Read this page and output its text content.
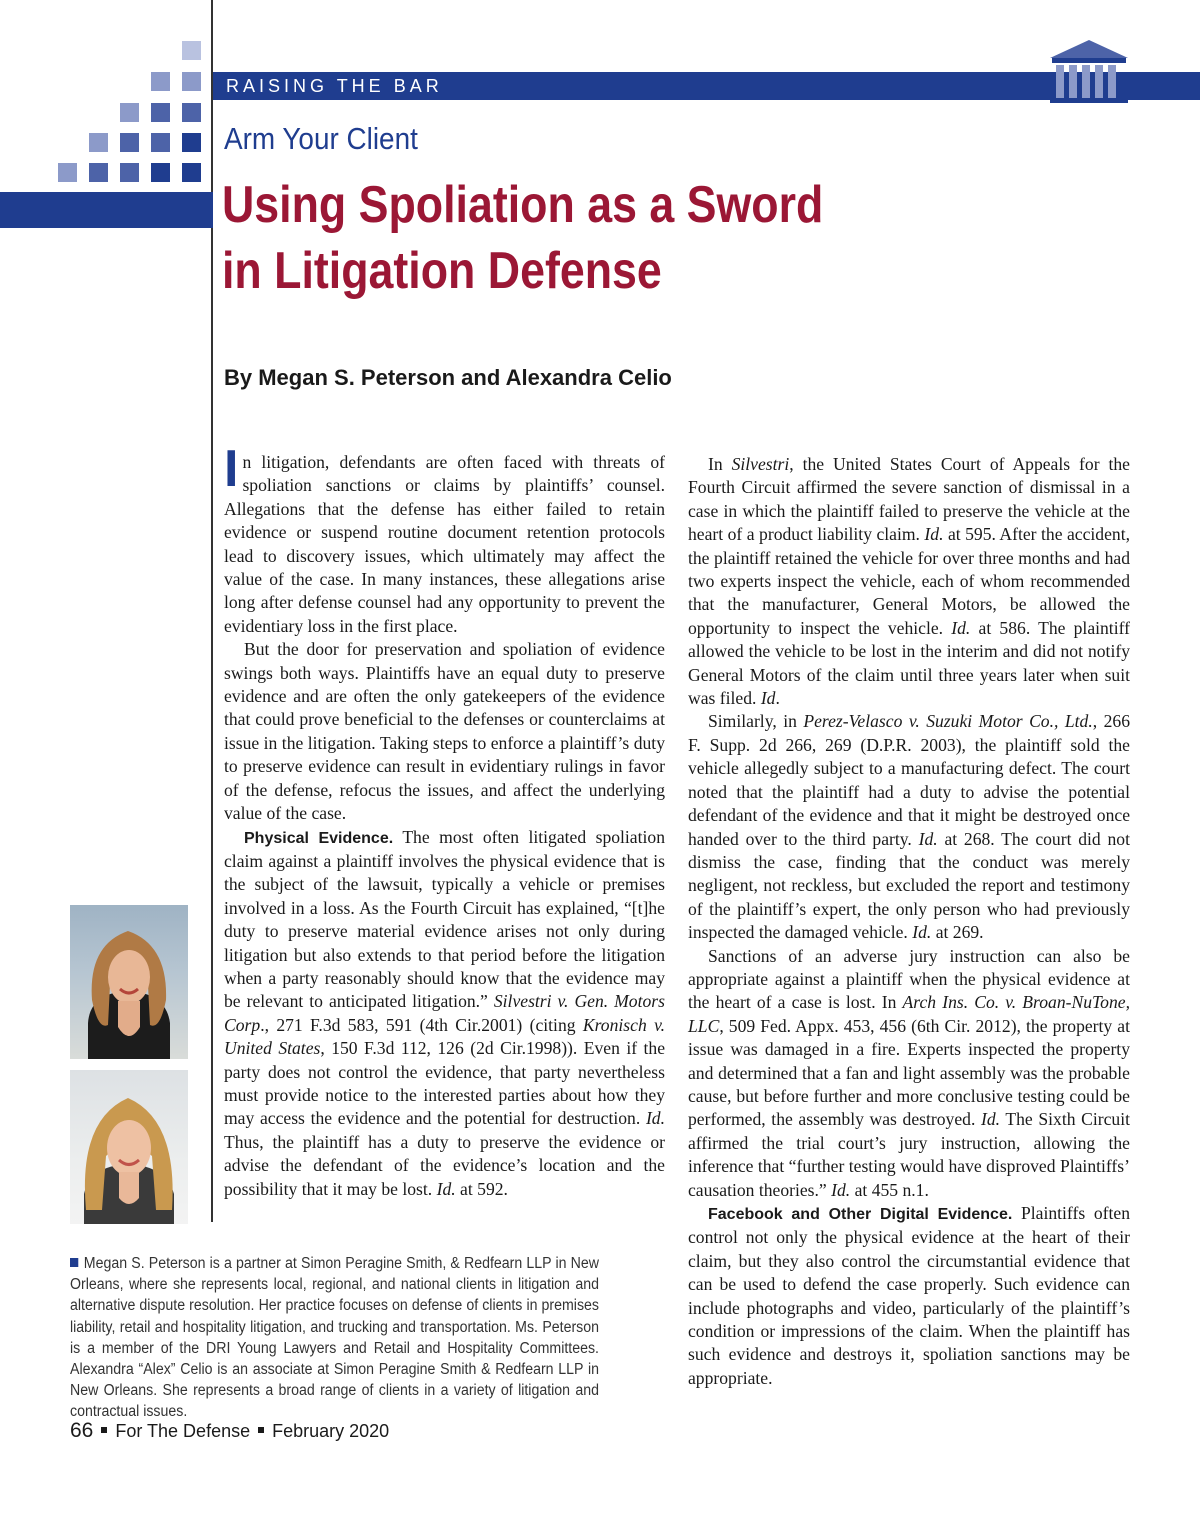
RAISING THE BAR
Arm Your Client
Using Spoliation as a Sword
in Litigation Defense
By Megan S. Peterson and Alexandra Celio

In litigation, defendants are often faced with threats of spoliation sanctions or claims by plaintiffs’ counsel. Allegations that the defense has either failed to retain evidence or suspend routine document retention protocols lead to discovery issues, which ultimately may affect the value of the case. In many instances, these allegations arise long after defense counsel had any opportunity to prevent the evidentiary loss in the first place.

But the door for preservation and spoliation of evidence swings both ways. Plaintiffs have an equal duty to preserve evidence and are often the only gatekeepers of the evidence that could prove beneficial to the defenses or counterclaims at issue in the litigation. Taking steps to enforce a plaintiff’s duty to preserve evidence can result in evidentiary rulings in favor of the defense, refocus the issues, and affect the underlying value of the case.

Physical Evidence. The most often litigated spoliation claim against a plaintiff involves the physical evidence that is the subject of the lawsuit, typically a vehicle or premises involved in a loss. As the Fourth Circuit has explained, “[t]he duty to preserve material evidence arises not only during litigation but also extends to that period before the litigation when a party reasonably should know that the evidence may be relevant to anticipated litigation.” Silvestri v. Gen. Motors Corp., 271 F.3d 583, 591 (4th Cir.2001) (citing Kronisch v. United States, 150 F.3d 112, 126 (2d Cir.1998)). Even if the party does not control the evidence, that party nevertheless must provide notice to the interested parties about how they may access the evidence and the potential for destruction. Id. Thus, the plaintiff has a duty to preserve the evidence or advise the defendant of the evidence’s location and the possibility that it may be lost. Id. at 592.

In Silvestri, the United States Court of Appeals for the Fourth Circuit affirmed the severe sanction of dismissal in a case in which the plaintiff failed to preserve the vehicle at the heart of a product liability claim. Id. at 595. After the accident, the plaintiff retained the vehicle for over three months and had two experts inspect the vehicle, each of whom recommended that the manufacturer, General Motors, be allowed the opportunity to inspect the vehicle. Id. at 586. The plaintiff allowed the vehicle to be lost in the interim and did not notify General Motors of the claim until three years later when suit was filed. Id.

Similarly, in Perez-Velasco v. Suzuki Motor Co., Ltd., 266 F. Supp. 2d 266, 269 (D.P.R. 2003), the plaintiff sold the vehicle allegedly subject to a manufacturing defect. The court noted that the plaintiff had a duty to advise the potential defendant of the evidence and that it might be destroyed once handed over to the third party. Id. at 268. The court did not dismiss the case, finding that the conduct was merely negligent, not reckless, but excluded the report and testimony of the plaintiff’s expert, the only person who had previously inspected the damaged vehicle. Id. at 269.

Sanctions of an adverse jury instruction can also be appropriate against a plaintiff when the physical evidence at the heart of a case is lost. In Arch Ins. Co. v. Broan-NuTone, LLC, 509 Fed. Appx. 453, 456 (6th Cir. 2012), the property at issue was damaged in a fire. Experts inspected the property and determined that a fan and light assembly was the probable cause, but before further and more conclusive testing could be performed, the assembly was destroyed. Id. The Sixth Circuit affirmed the trial court’s jury instruction, allowing the inference that “further testing would have disproved Plaintiffs’ causation theories.” Id. at 455 n.1.

Facebook and Other Digital Evidence. Plaintiffs often control not only the physical evidence at the heart of their claim, but they also control the circumstantial evidence that can be used to defend the case properly. Such evidence can include photographs and video, particularly of the plaintiff’s condition or impressions of the claim. When the plaintiff has such evidence and destroys it, spoliation sanctions may be appropriate.

Megan S. Peterson is a partner at Simon Peragine Smith, & Redfearn LLP in New Orleans, where she represents local, regional, and national clients in litigation and alternative dispute resolution. Her practice focuses on defense of clients in premises liability, retail and hospitality litigation, and trucking and transportation. Ms. Peterson is a member of the DRI Young Lawyers and Retail and Hospitality Committees. Alexandra “Alex” Celio is an associate at Simon Peragine Smith & Redfearn LLP in New Orleans. She represents a broad range of clients in a variety of litigation and contractual issues.
66 For The Defense February 2020
